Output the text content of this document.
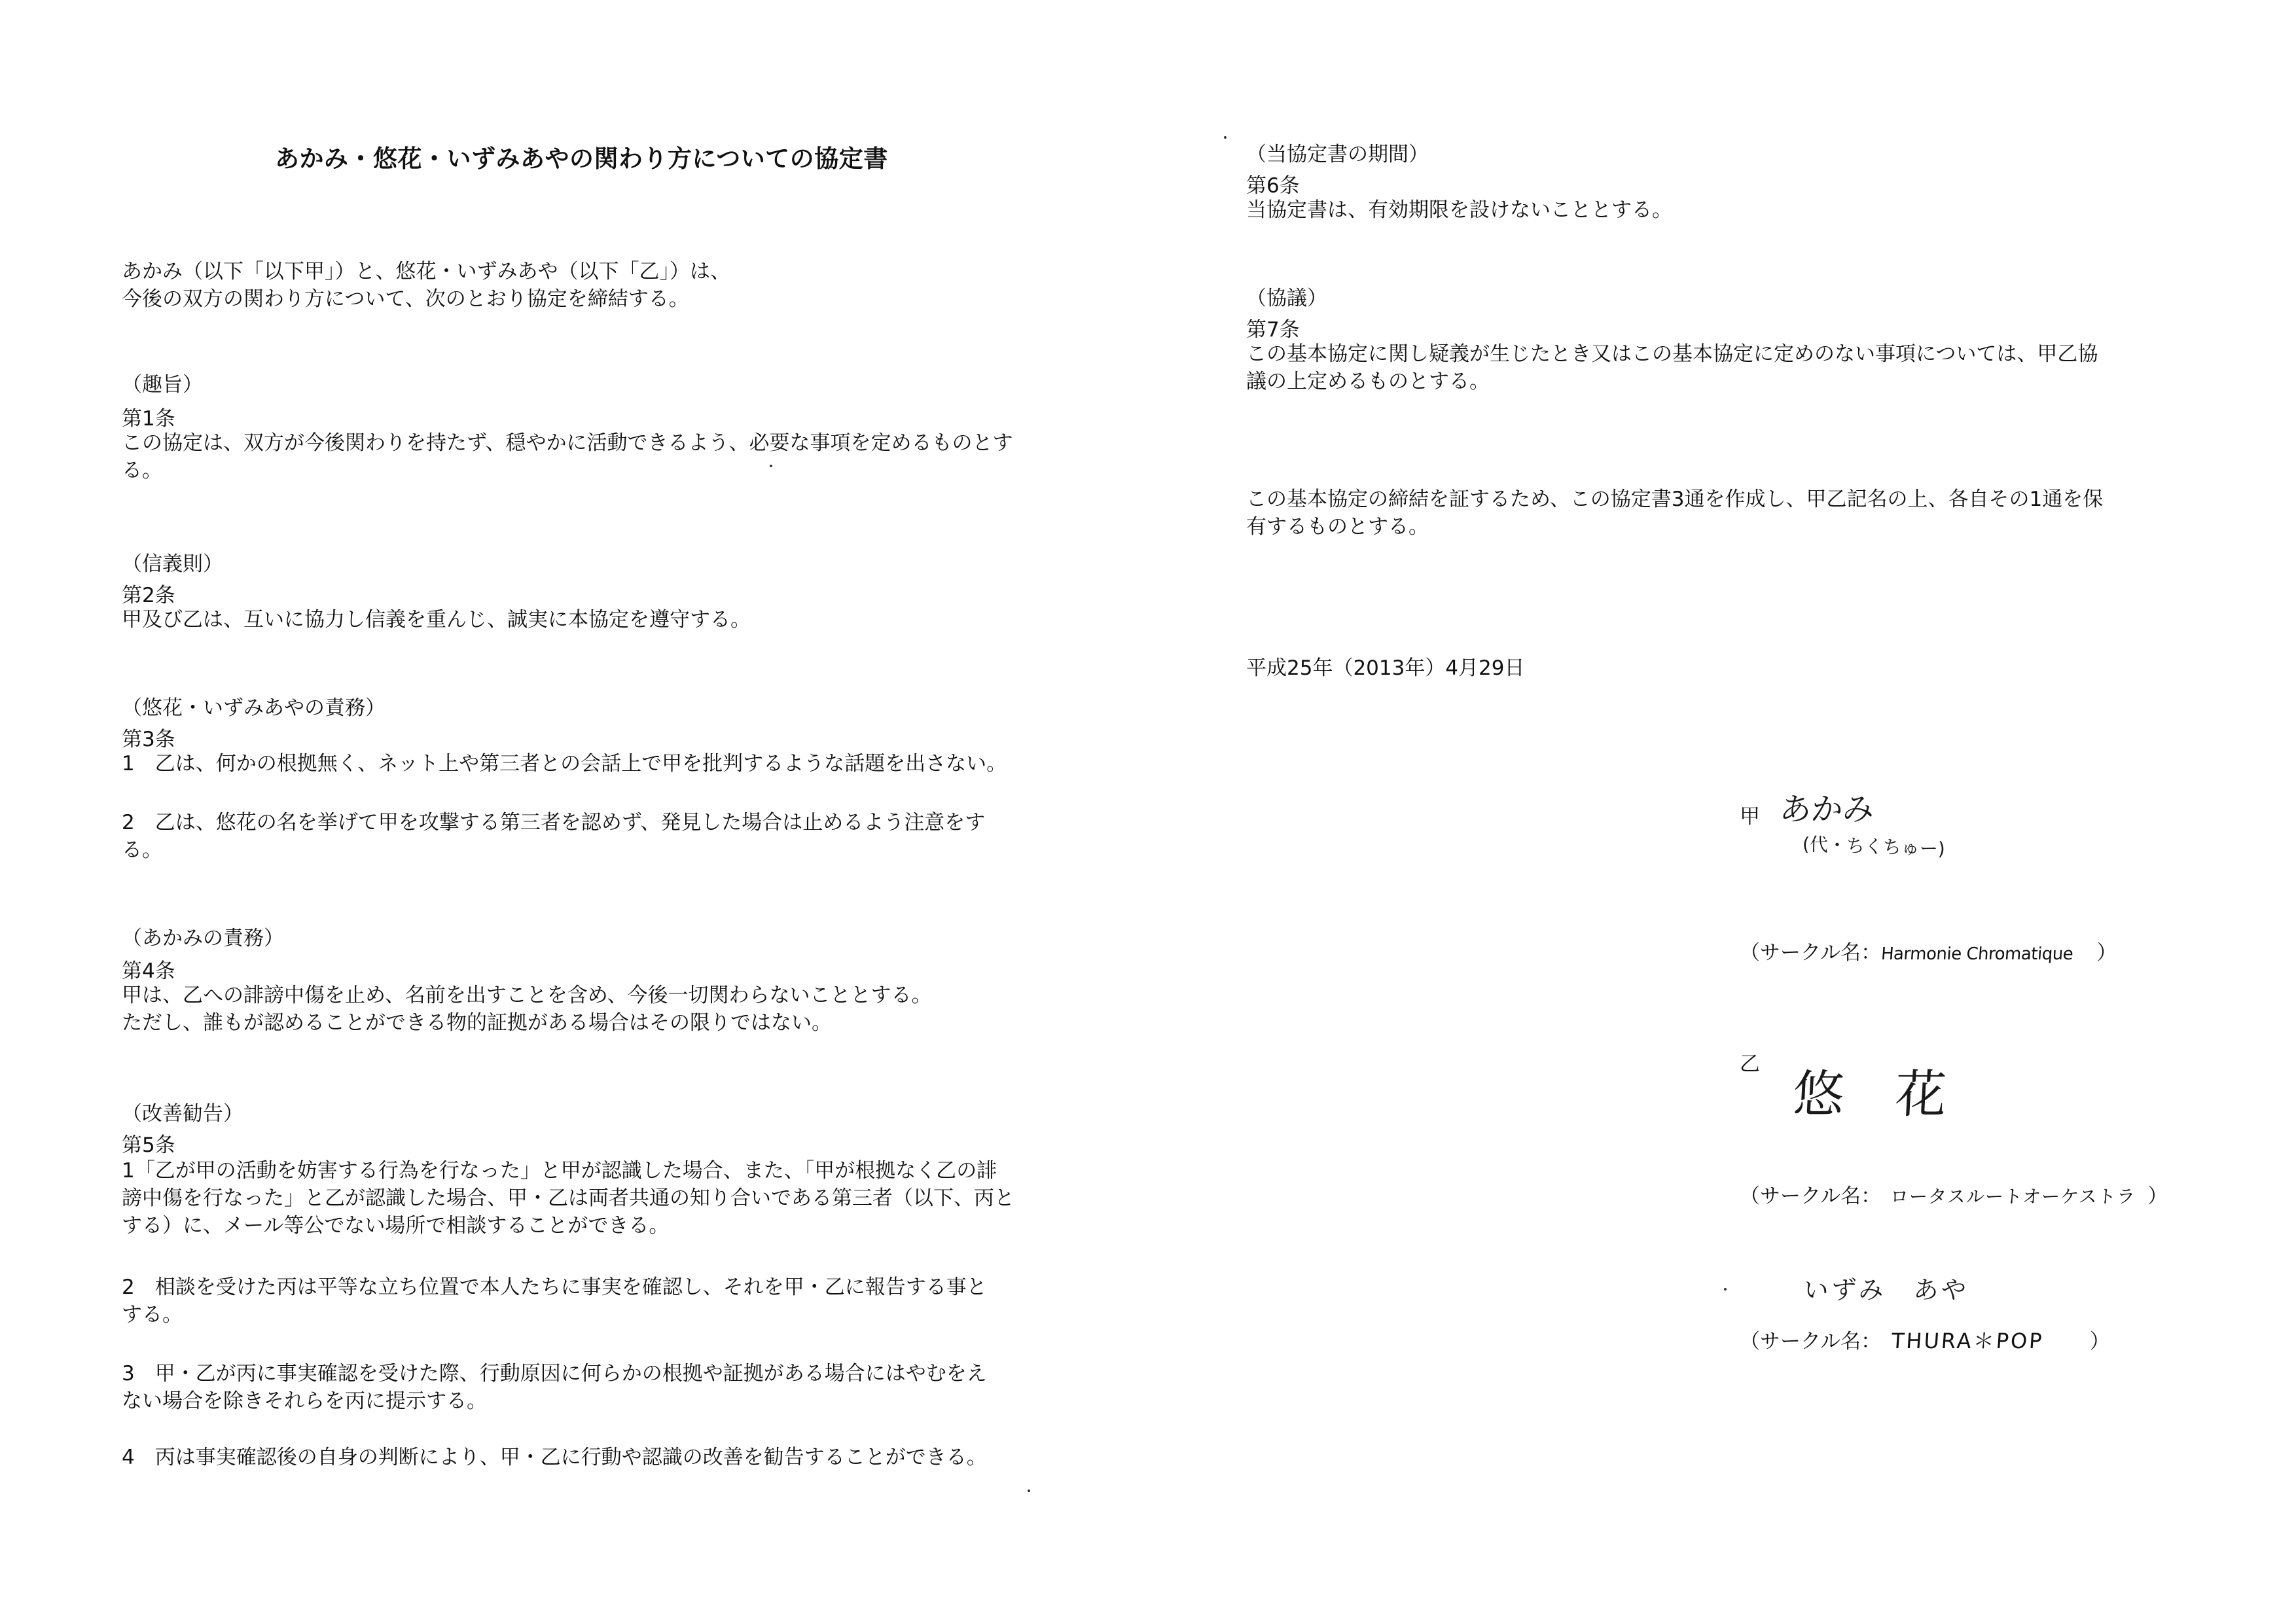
あかみ・悠花・いずみあやの関わり方についての協定書
あかみ（以下「以下甲」）と、悠花・いずみあや（以下「乙」）は、
今後の双方の関わり方について、次のとおり協定を締結する。
（趣旨）
第1条
この協定は、双方が今後関わりを持たず、穏やかに活動できるよう、必要な事項を定めるものとす
る。
（信義則）
第2条
甲及び乙は、互いに協力し信義を重んじ、誠実に本協定を遵守する。
（悠花・いずみあやの責務）
第3条
1　乙は、何かの根拠無く、ネット上や第三者との会話上で甲を批判するような話題を出さない。
2　乙は、悠花の名を挙げて甲を攻撃する第三者を認めず、発見した場合は止めるよう注意をす
る。
（あかみの責務）
第4条
甲は、乙への誹謗中傷を止め、名前を出すことを含め、今後一切関わらないこととする。
ただし、誰もが認めることができる物的証拠がある場合はその限りではない。
（改善勧告）
第5条
1「乙が甲の活動を妨害する行為を行なった」と甲が認識した場合、また、「甲が根拠なく乙の誹
謗中傷を行なった」と乙が認識した場合、甲・乙は両者共通の知り合いである第三者（以下、丙と
する）に、メール等公でない場所で相談することができる。
2　相談を受けた丙は平等な立ち位置で本人たちに事実を確認し、それを甲・乙に報告する事と
する。
3　甲・乙が丙に事実確認を受けた際、行動原因に何らかの根拠や証拠がある場合にはやむをえ
ない場合を除きそれらを丙に提示する。
4　丙は事実確認後の自身の判断により、甲・乙に行動や認識の改善を勧告することができる。
（当協定書の期間）
第6条
当協定書は、有効期限を設けないこととする。
（協議）
第7条
この基本協定に関し疑義が生じたとき又はこの基本協定に定めのない事項については、甲乙協
議の上定めるものとする。
この基本協定の締結を証するため、この協定書3通を作成し、甲乙記名の上、各自その1通を保
有するものとする。
平成25年（2013年）4月29日
甲 あかみ
(代・ちくちゅー)
（サークル名：Harmonie Chromatique ）
乙
悠　花
（サークル名： ロータスルートオーケストラ ）
いずみ　あや
（サークル名： THURA＊POP ）
